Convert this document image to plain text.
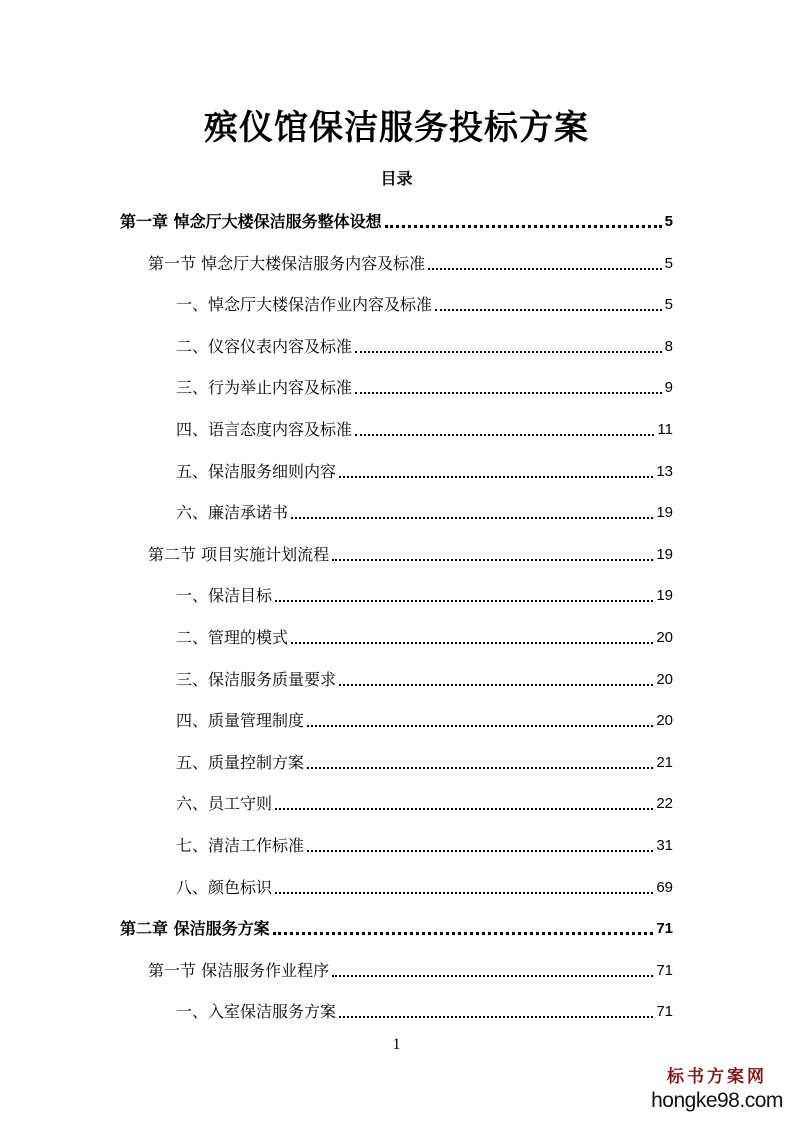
殡仪馆保洁服务投标方案
目录
第一章 悼念厅大楼保洁服务整体设想	5
第一节 悼念厅大楼保洁服务内容及标准	5
一、悼念厅大楼保洁作业内容及标准	5
二、仪容仪表内容及标准	8
三、行为举止内容及标准	9
四、语言态度内容及标准	11
五、保洁服务细则内容	13
六、廉洁承诺书	19
第二节 项目实施计划流程	19
一、保洁目标	19
二、管理的模式	20
三、保洁服务质量要求	20
四、质量管理制度	20
五、质量控制方案	21
六、员工守则	22
七、清洁工作标准	31
八、颜色标识	69
第二章 保洁服务方案	71
第一节 保洁服务作业程序	71
一、入室保洁服务方案	71
1
标书方案网
hongke98.com
